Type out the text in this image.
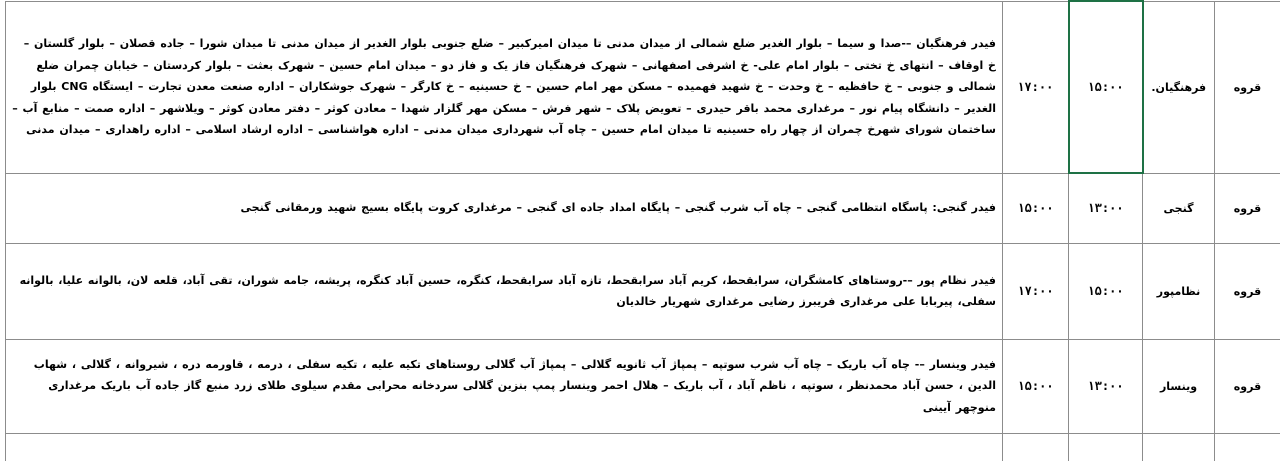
فیدر فرهنگیان –-صدا و سیما – بلوار الغدیر ضلع شمالی از میدان مدنی تا میدان امیرکبیر – ضلع جنوبی بلوار الغدیر از میدان مدنی تا میدان شورا – جاده قصلان – بلوار گلستان – خ اوقاف – انتهای خ تختی – بلوار امام علی- خ اشرفی اصفهانی – شهرک فرهنگیان فاز یک و فاز دو – میدان امام حسین – شهرک بعثت – بلوار کردستان – خیابان چمران ضلع شمالی و جنوبی – خ حافظیه – خ وحدت – خ شهید فهمیده – مسکن مهر امام حسین – خ حسینیه – خ کارگر – شهرک جوشکاران – اداره صنعت معدن تجارت – ایستگاه CNG بلوار الغدیر – دانشگاه پیام نور – مرغداری محمد باقر حیدری – تعویض پلاک – شهر فرش – مسکن مهر گلزار شهدا – معادن کوثر – دفتر معادن کوثر – ویلاشهر – اداره صمت – منابع آب – ساختمان شورای شهرخ چمران از چهار راه حسینیه تا میدان امام حسین – چاه آب شهرداری میدان مدنی – اداره هواشناسی – اداره ارشاد اسلامی – اداره راهداری – میدان مدنی	۱۷:۰۰	۱۵:۰۰	فرهنگیان.	قروه
فیدر گنجی: پاسگاه انتظامی گنجی – چاه آب شرب گنجی – پایگاه امداد جاده ای گنجی – مرغداری کروت پایگاه بسیج شهید ورمقانی گنجی	۱۵:۰۰	۱۳:۰۰	گنجی	قروه
فیدر نظام پور –-روستاهای کامشگران، سرابقحط، کریم آباد سرابقحط، تازه آباد سرابقحط، کنگره، حسین آباد کنگره، پریشه، جامه شوران، تقی آباد، قلعه لان، بالوانه علیا، بالوانه سفلی، پیربابا علی مرغداری فریبرز رضایی مرغداری شهریار خالدیان	۱۷:۰۰	۱۵:۰۰	نظامپور	قروه
فیدر وینسار –- چاه آب باریک – چاه آب شرب سوتپه – پمپاژ آب ثانویه گلالی – پمپاژ آب گلالی روستاهای تکیه علیه ، تکیه سفلی ، درمه ، قاورمه دره ، شیروانه ، گلالی ، شهاب الدین ، حسن آباد محمدنظر ، سوتپه ، ناظم آباد ، آب باریک – هلال احمر وینسار پمپ بنزین گلالی سردخانه محرابی مقدم سیلوی طلای زرد منبع گاز جاده آب باریک مرغداری منوچهر آیینی	۱۵:۰۰	۱۳:۰۰	وینسار	قروه
